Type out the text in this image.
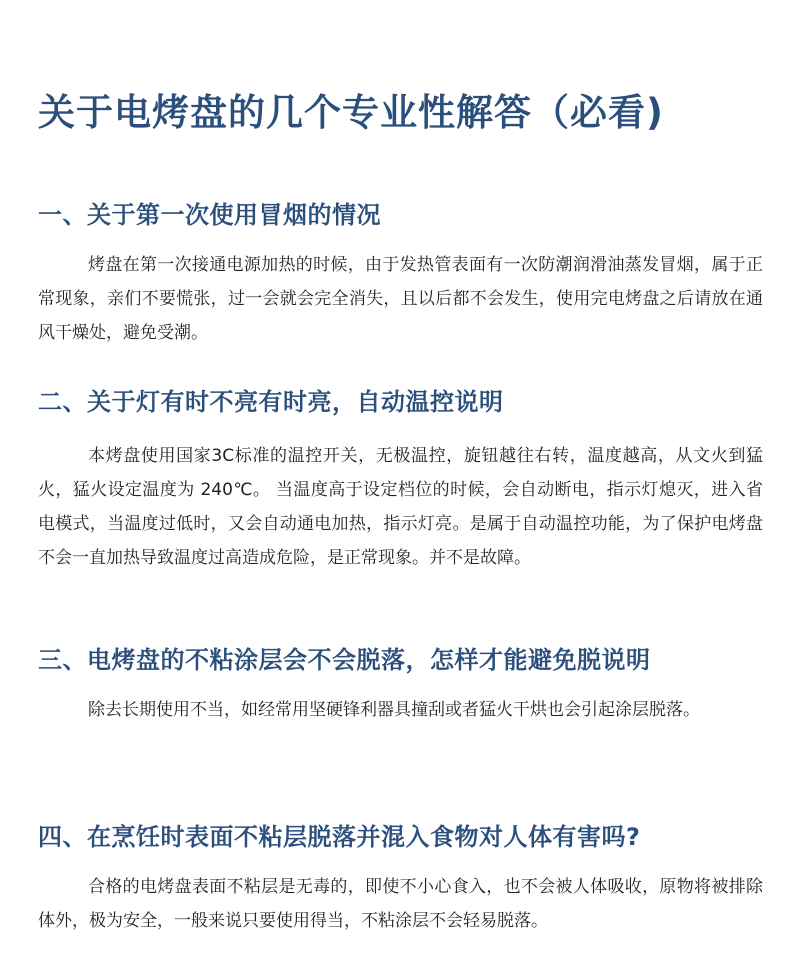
关于电烤盘的几个专业性解答（必看)
一、关于第一次使用冒烟的情况

烤盘在第一次接通电源加热的时候，由于发热管表面有一次防潮润滑油蒸发冒烟，属于正常现象，亲们不要慌张，过一会就会完全消失，且以后都不会发生，使用完电烤盘之后请放在通风干燥处，避免受潮。

二、关于灯有时不亮有时亮，自动温控说明

本烤盘使用国家3C标准的温控开关，无极温控，旋钮越往右转，温度越高，从文火到猛火，猛火设定温度为 240℃。 当温度高于设定档位的时候，会自动断电，指示灯熄灭，进入省电模式，当温度过低时，又会自动通电加热，指示灯亮。是属于自动温控功能，为了保护电烤盘不会一直加热导致温度过高造成危险，是正常现象。并不是故障。

三、电烤盘的不粘涂层会不会脱落，怎样才能避免脱说明

除去长期使用不当，如经常用坚硬锋利器具撞刮或者猛火干烘也会引起涂层脱落。

四、在烹饪时表面不粘层脱落并混入食物对人体有害吗?

合格的电烤盘表面不粘层是无毒的，即使不小心食入，也不会被人体吸收，原物将被排除体外，极为安全，一般来说只要使用得当，不粘涂层不会轻易脱落。
